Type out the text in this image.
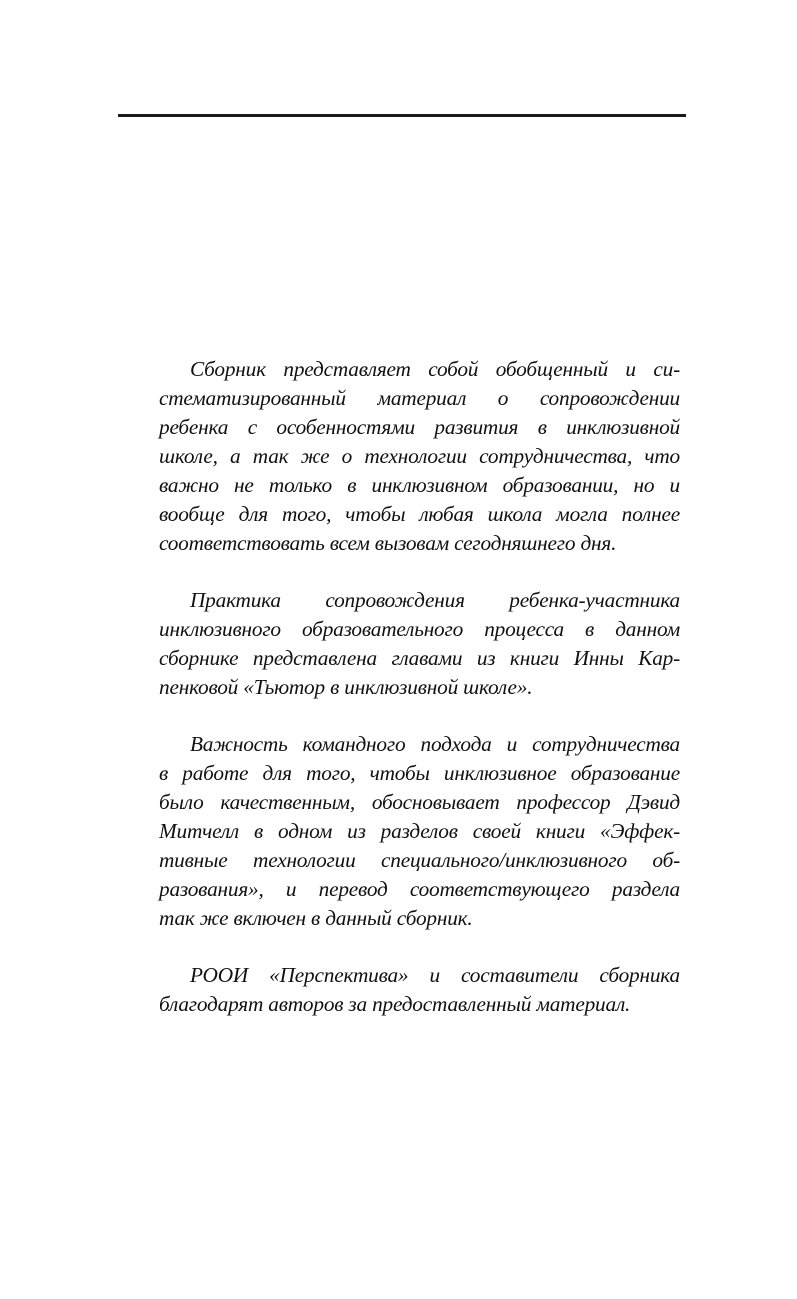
Сборник представляет собой обобщенный и си-
стематизированный материал о сопровождении
ребенка с особенностями развития в инклюзивной
школе, а так же о технологии сотрудничества, что
важно не только в инклюзивном образовании, но и
вообще для того, чтобы любая школа могла полнее
соответствовать всем вызовам сегодняшнего дня.
Практика сопровождения ребенка-участника
инклюзивного образовательного процесса в данном
сборнике представлена главами из книги Инны Кар-
пенковой «Тьютор в инклюзивной школе».
Важность командного подхода и сотрудничества
в работе для того, чтобы инклюзивное образование
было качественным, обосновывает профессор Дэвид
Митчелл в одном из разделов своей книги «Эффек-
тивные технологии специального/инклюзивного об-
разования», и перевод соответствующего раздела
так же включен в данный сборник.
РООИ «Перспектива» и составители сборника
благодарят авторов за предоставленный материал.
